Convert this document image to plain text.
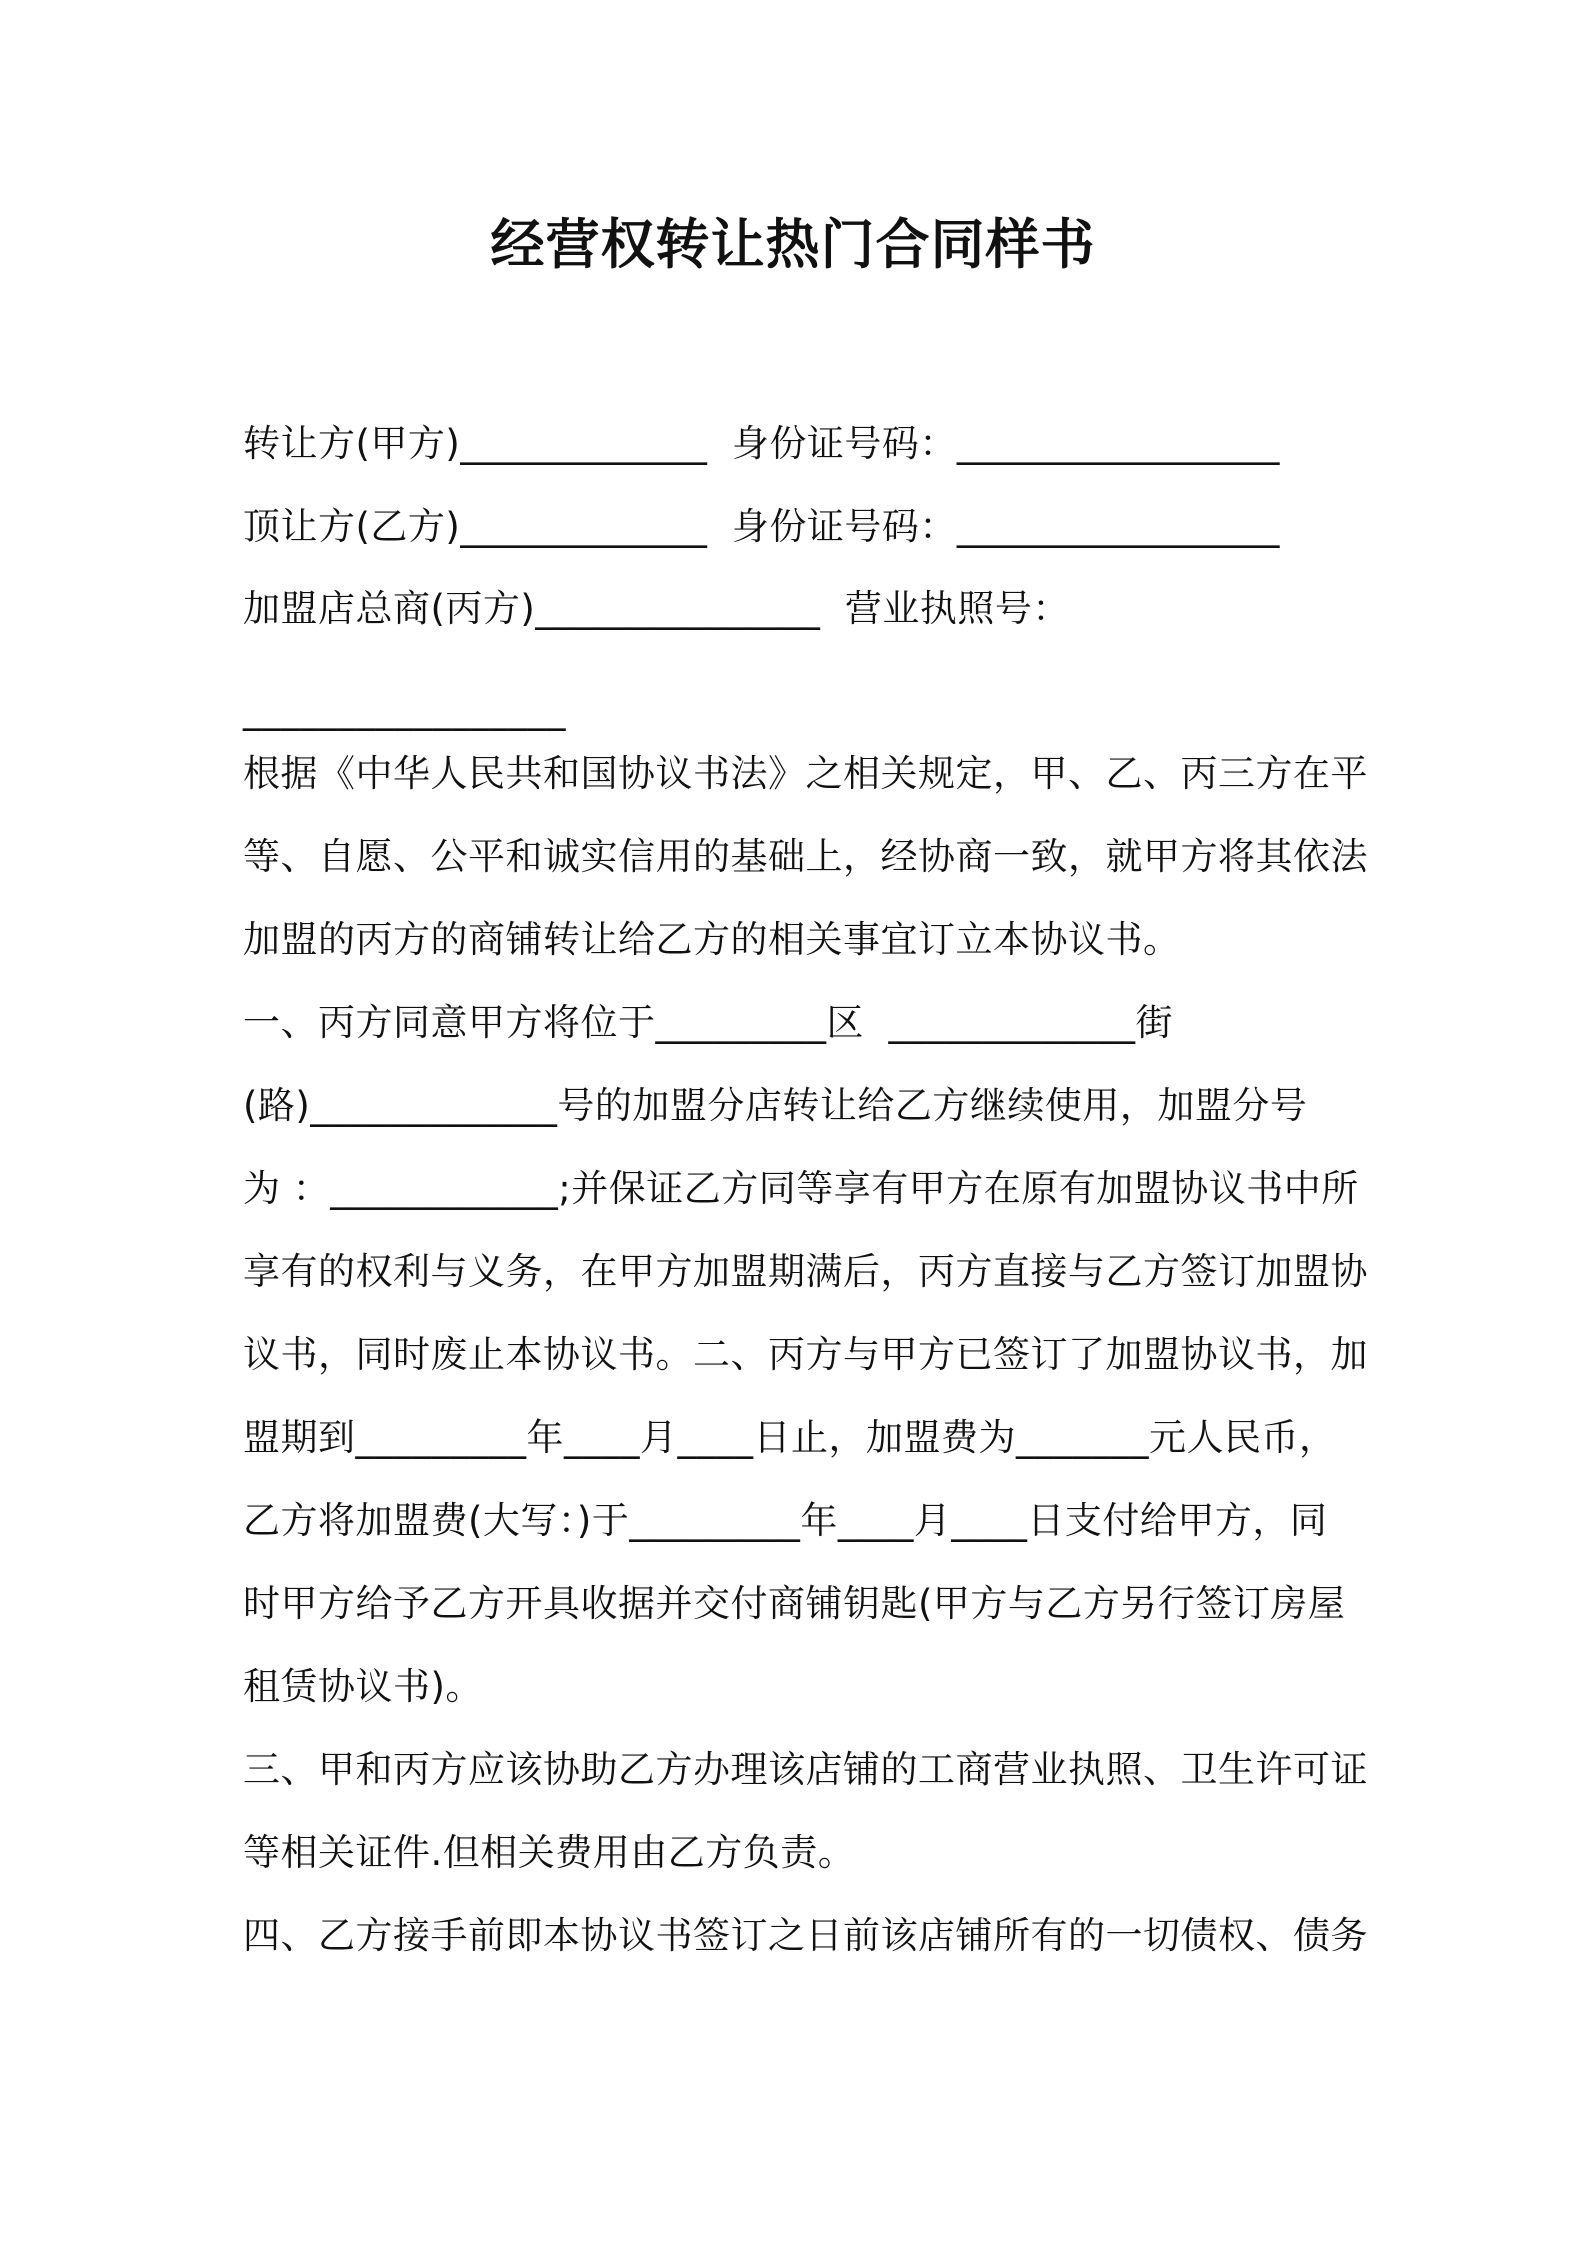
经营权转让热门合同样书
转让方(甲方)_____________  身份证号码：_________________
顶让方(乙方)_____________  身份证号码：_________________
加盟店总商(丙方)_______________  营业执照号：
_________________
根据《中华人民共和国协议书法》之相关规定，甲、乙、丙三方在平
等、自愿、公平和诚实信用的基础上，经协商一致，就甲方将其依法
加盟的丙方的商铺转让给乙方的相关事宜订立本协议书。
一、丙方同意甲方将位于_________区  _____________街
(路)_____________号的加盟分店转让给乙方继续使用，加盟分号
为 ：____________;并保证乙方同等享有甲方在原有加盟协议书中所
享有的权利与义务，在甲方加盟期满后，丙方直接与乙方签订加盟协
议书，同时废止本协议书。二、丙方与甲方已签订了加盟协议书，加
盟期到_________年____月____日止，加盟费为_______元人民币，
乙方将加盟费(大写：)于_________年____月____日支付给甲方，同
时甲方给予乙方开具收据并交付商铺钥匙(甲方与乙方另行签订房屋
租赁协议书)。
三、甲和丙方应该协助乙方办理该店铺的工商营业执照、卫生许可证
等相关证件.但相关费用由乙方负责。
四、乙方接手前即本协议书签订之日前该店铺所有的一切债权、债务
